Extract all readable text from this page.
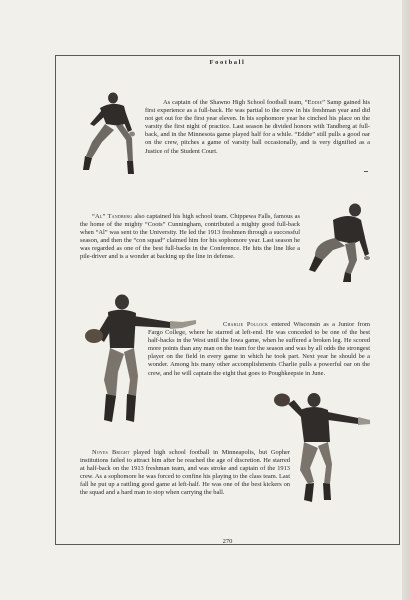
Football

As captain of the Shawno High School football team, “Eddie” Samp gained his first experience as a full-back. He was partial to the crew in his freshman year and did not get out for the first year eleven. In his sophomore year he cinched his place on the varsity the first night of practice. Last season he divided honors with Tandberg at full-back, and in the Minnesota game played half for a while. “Eddie” still pulls a good oar on the crew, pitches a game of varsity ball occasionally, and is very dignified as a Justice of the Student Court.

“Al” Tandberg also captained his high school team. Chippewa Falls, famous as the home of the mighty “Coots” Cunningham, contributed a mighty good full-back when “Al” was sent to the University. He led the 1913 freshmen through a successful season, and then the “con squad” claimed him for his sophomore year. Last season he was regarded as one of the best full-backs in the Conference. He hits the line like a pile-driver and is a wonder at backing up the line in defense.

Charlie Pollock entered Wisconsin as a Junior from Fargo College, where he starred at left-end. He was conceded to be one of the best half-backs in the West until the Iowa game, when he suffered a broken leg. He scored more points than any man on the team for the season and was by all odds the strongest player on the field in every game in which he took part. Next year he should be a wonder. Among his many other accomplishments Charlie pulls a powerful oar on the crew, and he will captain the eight that goes to Poughkeepsie in June.

Noyes Bright played high school football in Minneapolis, but Gopher institutions failed to attract him after he reached the age of discretion. He starred at half-back on the 1913 freshman team, and was stroke and captain of the 1913 crew. As a sophomore he was forced to confine his playing to the class team. Last fall he put up a rattling good game at left-half. He was one of the best kickers on the squad and a hard man to stop when carrying the ball.

270
